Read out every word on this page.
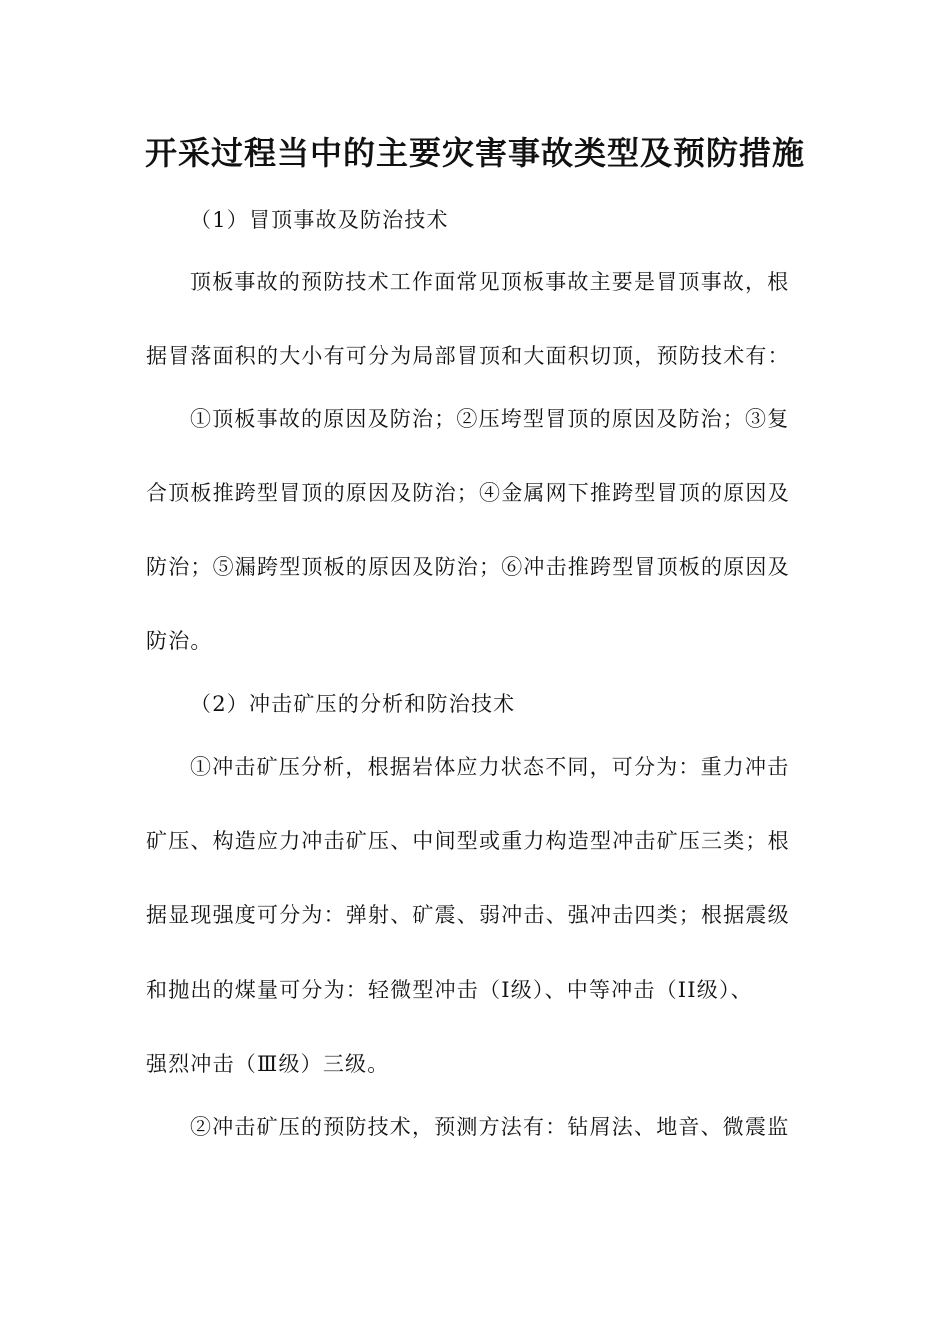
开采过程当中的主要灾害事故类型及预防措施
（1）冒顶事故及防治技术
顶板事故的预防技术工作面常见顶板事故主要是冒顶事故，根
据冒落面积的大小有可分为局部冒顶和大面积切顶，预防技术有：
①顶板事故的原因及防治；②压垮型冒顶的原因及防治；③复
合顶板推跨型冒顶的原因及防治；④金属网下推跨型冒顶的原因及
防治；⑤漏跨型顶板的原因及防治；⑥冲击推跨型冒顶板的原因及
防治。
（2）冲击矿压的分析和防治技术
①冲击矿压分析，根据岩体应力状态不同，可分为：重力冲击
矿压、构造应力冲击矿压、中间型或重力构造型冲击矿压三类；根
据显现强度可分为：弹射、矿震、弱冲击、强冲击四类；根据震级
和抛出的煤量可分为：轻微型冲击（I级）、中等冲击（II级）、
强烈冲击（Ⅲ级）三级。
②冲击矿压的预防技术，预测方法有：钻屑法、地音、微震监
